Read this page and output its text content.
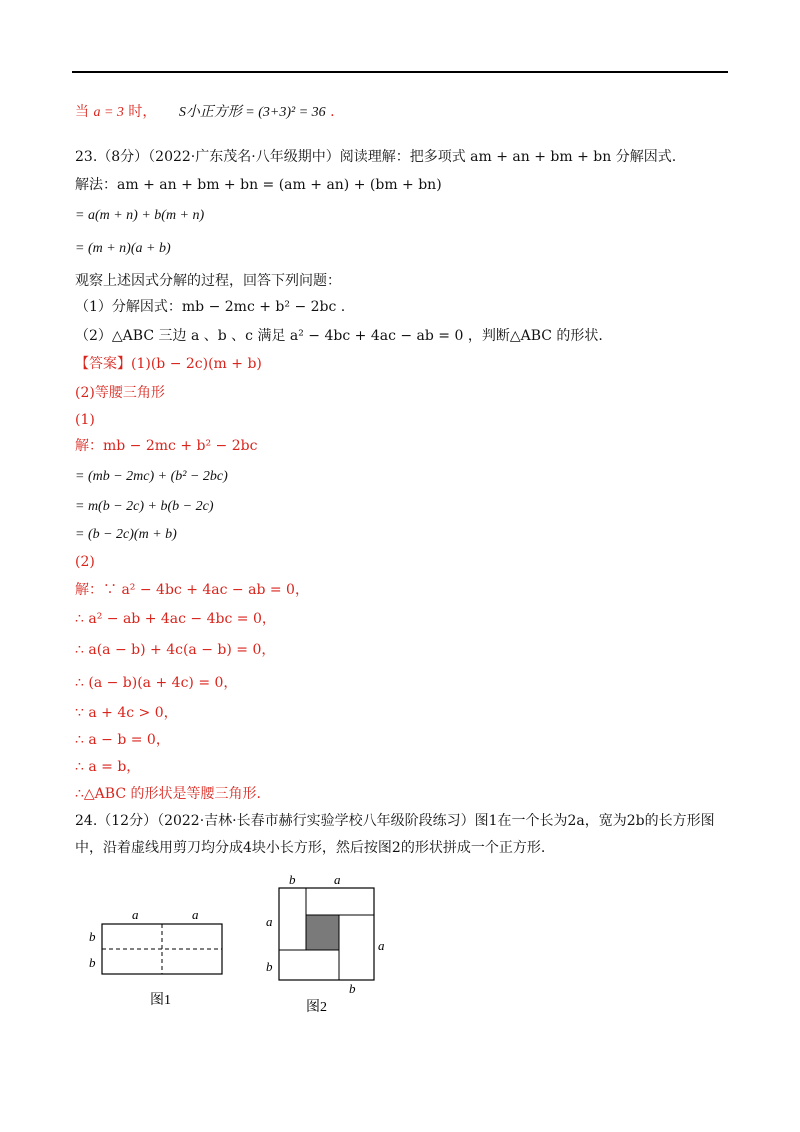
当 a = 3 时， S小正方形 = (3+3)² = 36 .
23.（8分）（2022·广东茂名·八年级期中）阅读理解：把多项式 am + an + bm + bn 分解因式.
解法：am + an + bm + bn = (am + an) + (bm + bn)
= a(m + n) + b(m + n)
= (m + n)(a + b)
观察上述因式分解的过程，回答下列问题：
（1）分解因式：mb − 2mc + b² − 2bc .
（2）△ABC 三边 a 、b 、c 满足 a² − 4bc + 4ac − ab = 0 ，判断△ABC 的形状.
【答案】(1)(b − 2c)(m + b)
(2)等腰三角形
(1)
解：mb − 2mc + b² − 2bc
= (mb − 2mc) + (b² − 2bc)
= m(b − 2c) + b(b − 2c)
= (b − 2c)(m + b)
(2)
解：∵ a² − 4bc + 4ac − ab = 0，
∴ a² − ab + 4ac − 4bc = 0，
∴ a(a − b) + 4c(a − b) = 0，
∴ (a − b)(a + 4c) = 0，
∵ a + 4c > 0，
∴ a − b = 0，
∴ a = b，
∴△ABC 的形状是等腰三角形.
24.（12分）（2022·吉林·长春市赫行实验学校八年级阶段练习）图1在一个长为2a，宽为2b的长方形图
中，沿着虚线用剪刀均分成4块小长方形，然后按图2的形状拼成一个正方形.
a	a
b
b
图1
b	a
a
b
a
b
图2
